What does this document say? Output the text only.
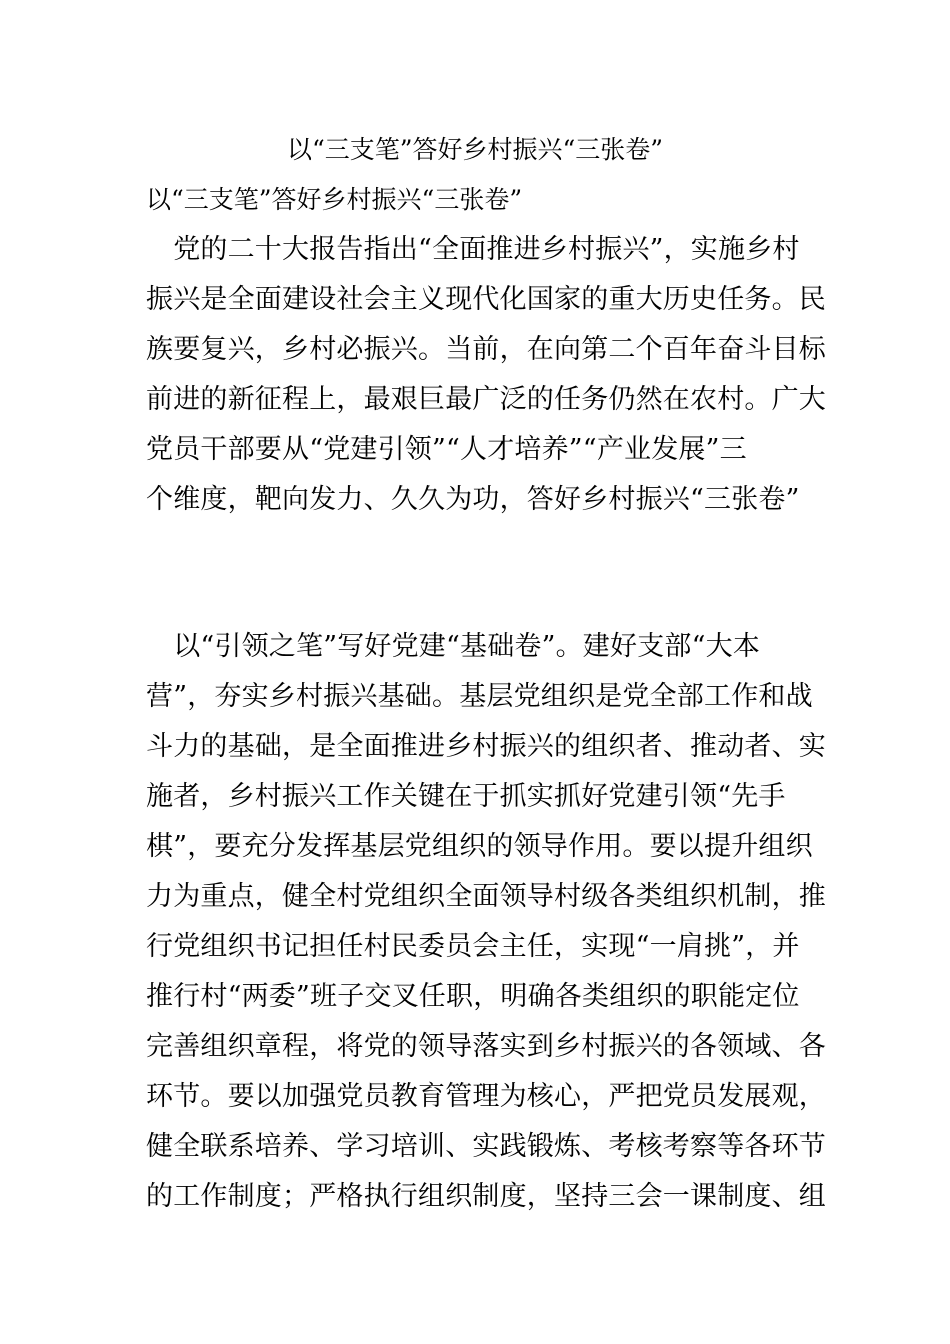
以“三支笔”答好乡村振兴“三张卷”
以“三支笔”答好乡村振兴“三张卷”
　党的二十大报告指出“全面推进乡村振兴”，实施乡村
振兴是全面建设社会主义现代化国家的重大历史任务。民
族要复兴，乡村必振兴。当前，在向第二个百年奋斗目标
前进的新征程上，最艰巨最广泛的任务仍然在农村。广大
党员干部要从“党建引领”“人才培养”“产业发展”三
个维度，靶向发力、久久为功，答好乡村振兴“三张卷”
　以“引领之笔”写好党建“基础卷”。建好支部“大本
营”，夯实乡村振兴基础。基层党组织是党全部工作和战
斗力的基础，是全面推进乡村振兴的组织者、推动者、实
施者，乡村振兴工作关键在于抓实抓好党建引领“先手
棋”，要充分发挥基层党组织的领导作用。要以提升组织
力为重点，健全村党组织全面领导村级各类组织机制，推
行党组织书记担任村民委员会主任，实现“一肩挑”，并
推行村“两委”班子交叉任职，明确各类组织的职能定位
完善组织章程，将党的领导落实到乡村振兴的各领域、各
环节。要以加强党员教育管理为核心，严把党员发展观，
健全联系培养、学习培训、实践锻炼、考核考察等各环节
的工作制度；严格执行组织制度，坚持三会一课制度、组
